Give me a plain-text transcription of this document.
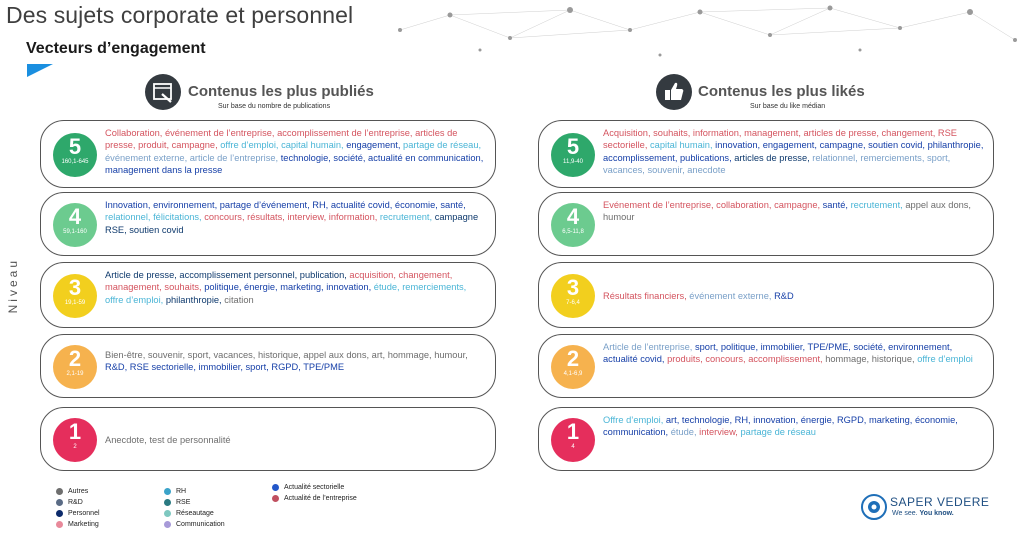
Des sujets corporate et personnel
Vecteurs d’engagement
Niveau
Contenus les plus publiés
Sur base du nombre de publications
Contenus les plus likés
Sur base du like médian
5
160,1-645
Collaboration, événement de l’entreprise, accomplissement de l’entreprise, articles de presse, produit, campagne, offre d’emploi, capital humain, engagement, partage de réseau, événement externe, article de l’entreprise, technologie, société, actualité en communication, management dans la presse
4
59,1-160
Innovation, environnement, partage d’événement, RH, actualité covid, économie, santé, relationnel, félicitations, concours, résultats, interview, information, recrutement, campagne RSE, soutien covid
3
19,1-59
Article de presse, accomplissement personnel, publication, acquisition, changement, management, souhaits, politique, énergie, marketing, innovation, étude, remerciements, offre d’emploi, philanthropie, citation
2
2,1-19
Bien-être, souvenir, sport, vacances, historique, appel aux dons, art, hommage, humour, R&D, RSE sectorielle, immobilier, sport, RGPD, TPE/PME
1
2
Anecdote, test de personnalité
5
11,9-40
Acquisition, souhaits, information, management, articles de presse, changement, RSE sectorielle, capital humain, innovation, engagement, campagne, soutien covid, philanthropie, accomplissement, publications, articles de presse, relationnel, remerciements, sport, vacances, souvenir, anecdote
4
6,5-11,8
Evénement de l’entreprise, collaboration, campagne, santé, recrutement, appel aux dons, humour
3
7-6,4
Résultats financiers, événement externe, R&D
2
4,1-6,9
Article de l’entreprise, sport, politique, immobilier, TPE/PME, société, environnement, actualité covid, produits, concours, accomplissement, hommage, historique, offre d’emploi
1
4
Offre d’emploi, art, technologie, RH, innovation, énergie, RGPD, marketing, économie, communication, étude, interview, partage de réseau
Autres
R&D
Personnel
Marketing
RH
RSE
Réseautage
Communication
Actualité sectorielle
Actualité de l’entreprise	SAPER VEDERE
We see. You know.
